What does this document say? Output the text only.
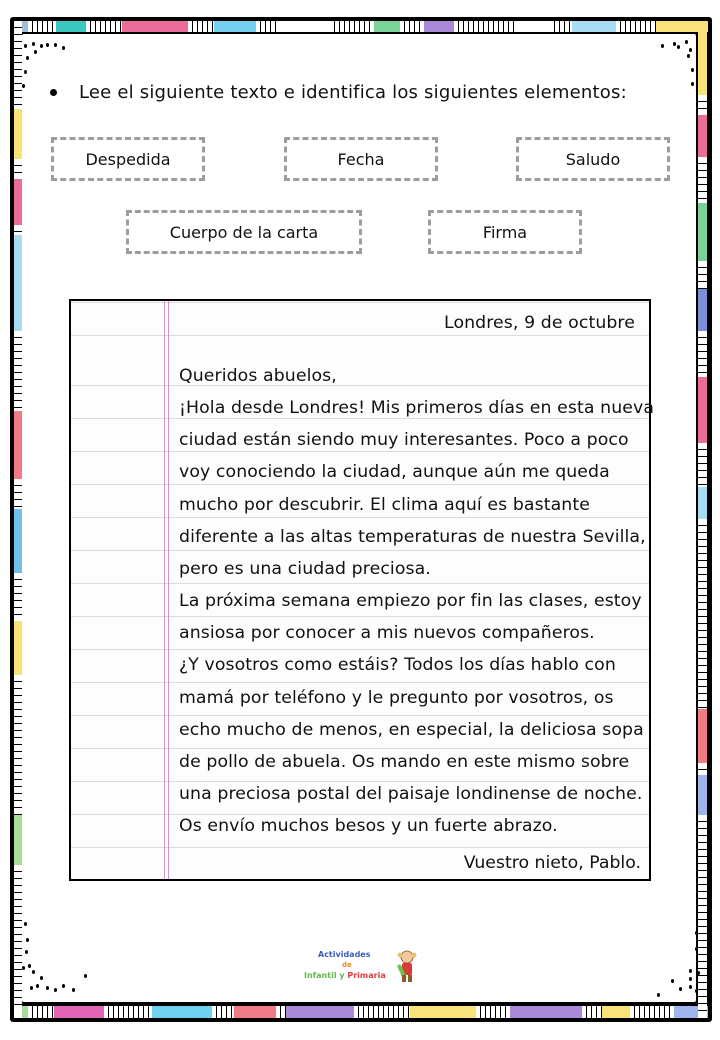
Lee el siguiente texto e identifica los siguientes elementos:
Despedida	Fecha	Saludo
Cuerpo de la carta	Firma
Londres, 9 de octubre
Queridos abuelos,
¡Hola desde Londres! Mis primeros días en esta nueva
ciudad están siendo muy interesantes. Poco a poco
voy conociendo la ciudad, aunque aún me queda
mucho por descubrir. El clima aquí es bastante
diferente a las altas temperaturas de nuestra Sevilla,
pero es una ciudad preciosa.
La próxima semana empiezo por fin las clases, estoy
ansiosa por conocer a mis nuevos compañeros.
¿Y vosotros como estáis? Todos los días hablo con
mamá por teléfono y le pregunto por vosotros, os
echo mucho de menos, en especial, la deliciosa sopa
de pollo de abuela. Os mando en este mismo sobre
una preciosa postal del paisaje londinense de noche.
Os envío muchos besos y un fuerte abrazo.
Vuestro nieto, Pablo.
Actividades
de
Infantil y Primaria
